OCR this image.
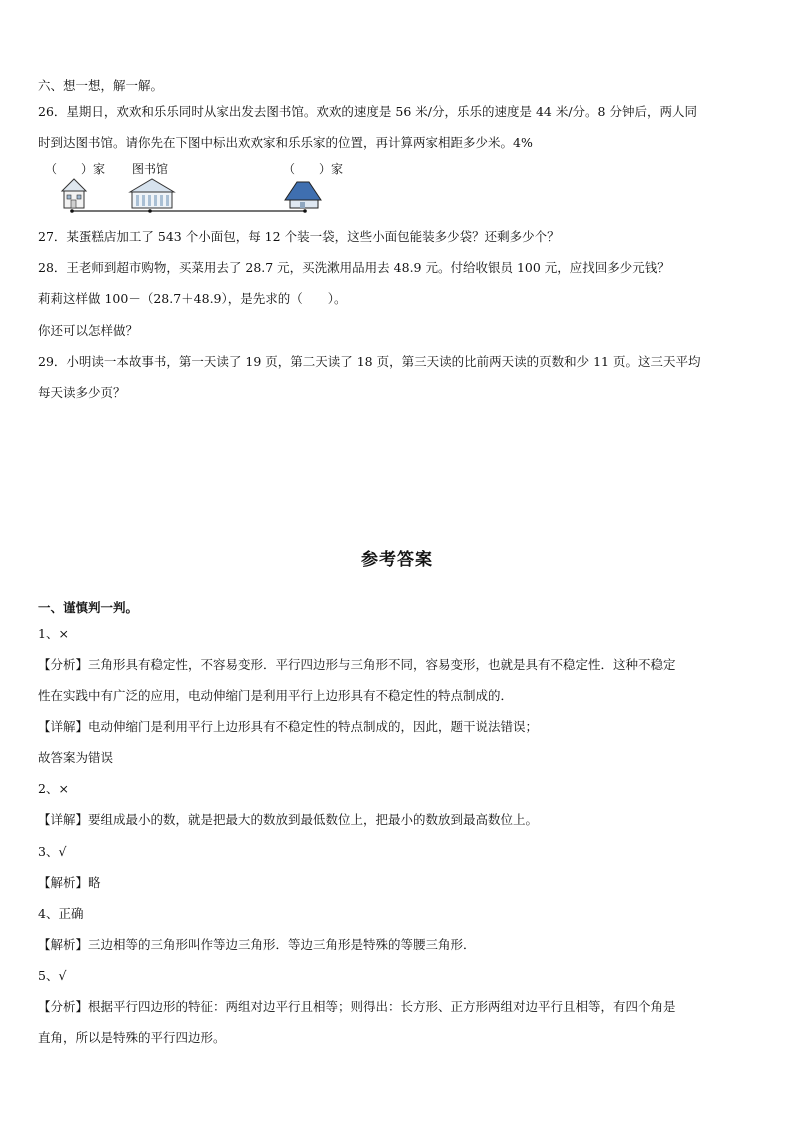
六、想一想，解一解。
26．星期日，欢欢和乐乐同时从家出发去图书馆。欢欢的速度是 56 米/分，乐乐的速度是 44 米/分。8 分钟后，两人同
时到达图书馆。请你先在下图中标出欢欢家和乐乐家的位置，再计算两家相距多少米。4%
（　　）家 图书馆	（　　）家
27．某蛋糕店加工了 543 个小面包，每 12 个装一袋，这些小面包能装多少袋？还剩多少个？
28．王老师到超市购物，买菜用去了 28.7 元，买洗漱用品用去 48.9 元。付给收银员 100 元，应找回多少元钱？
莉莉这样做 100－（28.7＋48.9），是先求的（　　）。
你还可以怎样做？
29．小明读一本故事书，第一天读了 19 页，第二天读了 18 页，第三天读的比前两天读的页数和少 11 页。这三天平均
每天读多少页？
参考答案
一、谨慎判一判。
1、×
【分析】三角形具有稳定性，不容易变形．平行四边形与三角形不同，容易变形，也就是具有不稳定性．这种不稳定
性在实践中有广泛的应用，电动伸缩门是利用平行上边形具有不稳定性的特点制成的．
【详解】电动伸缩门是利用平行上边形具有不稳定性的特点制成的，因此，题干说法错误；
故答案为错误
2、×
【详解】要组成最小的数，就是把最大的数放到最低数位上，把最小的数放到最高数位上。
3、√
【解析】略
4、正确
【解析】三边相等的三角形叫作等边三角形．等边三角形是特殊的等腰三角形．
5、√
【分析】根据平行四边形的特征：两组对边平行且相等；则得出：长方形、正方形两组对边平行且相等，有四个角是
直角，所以是特殊的平行四边形。
